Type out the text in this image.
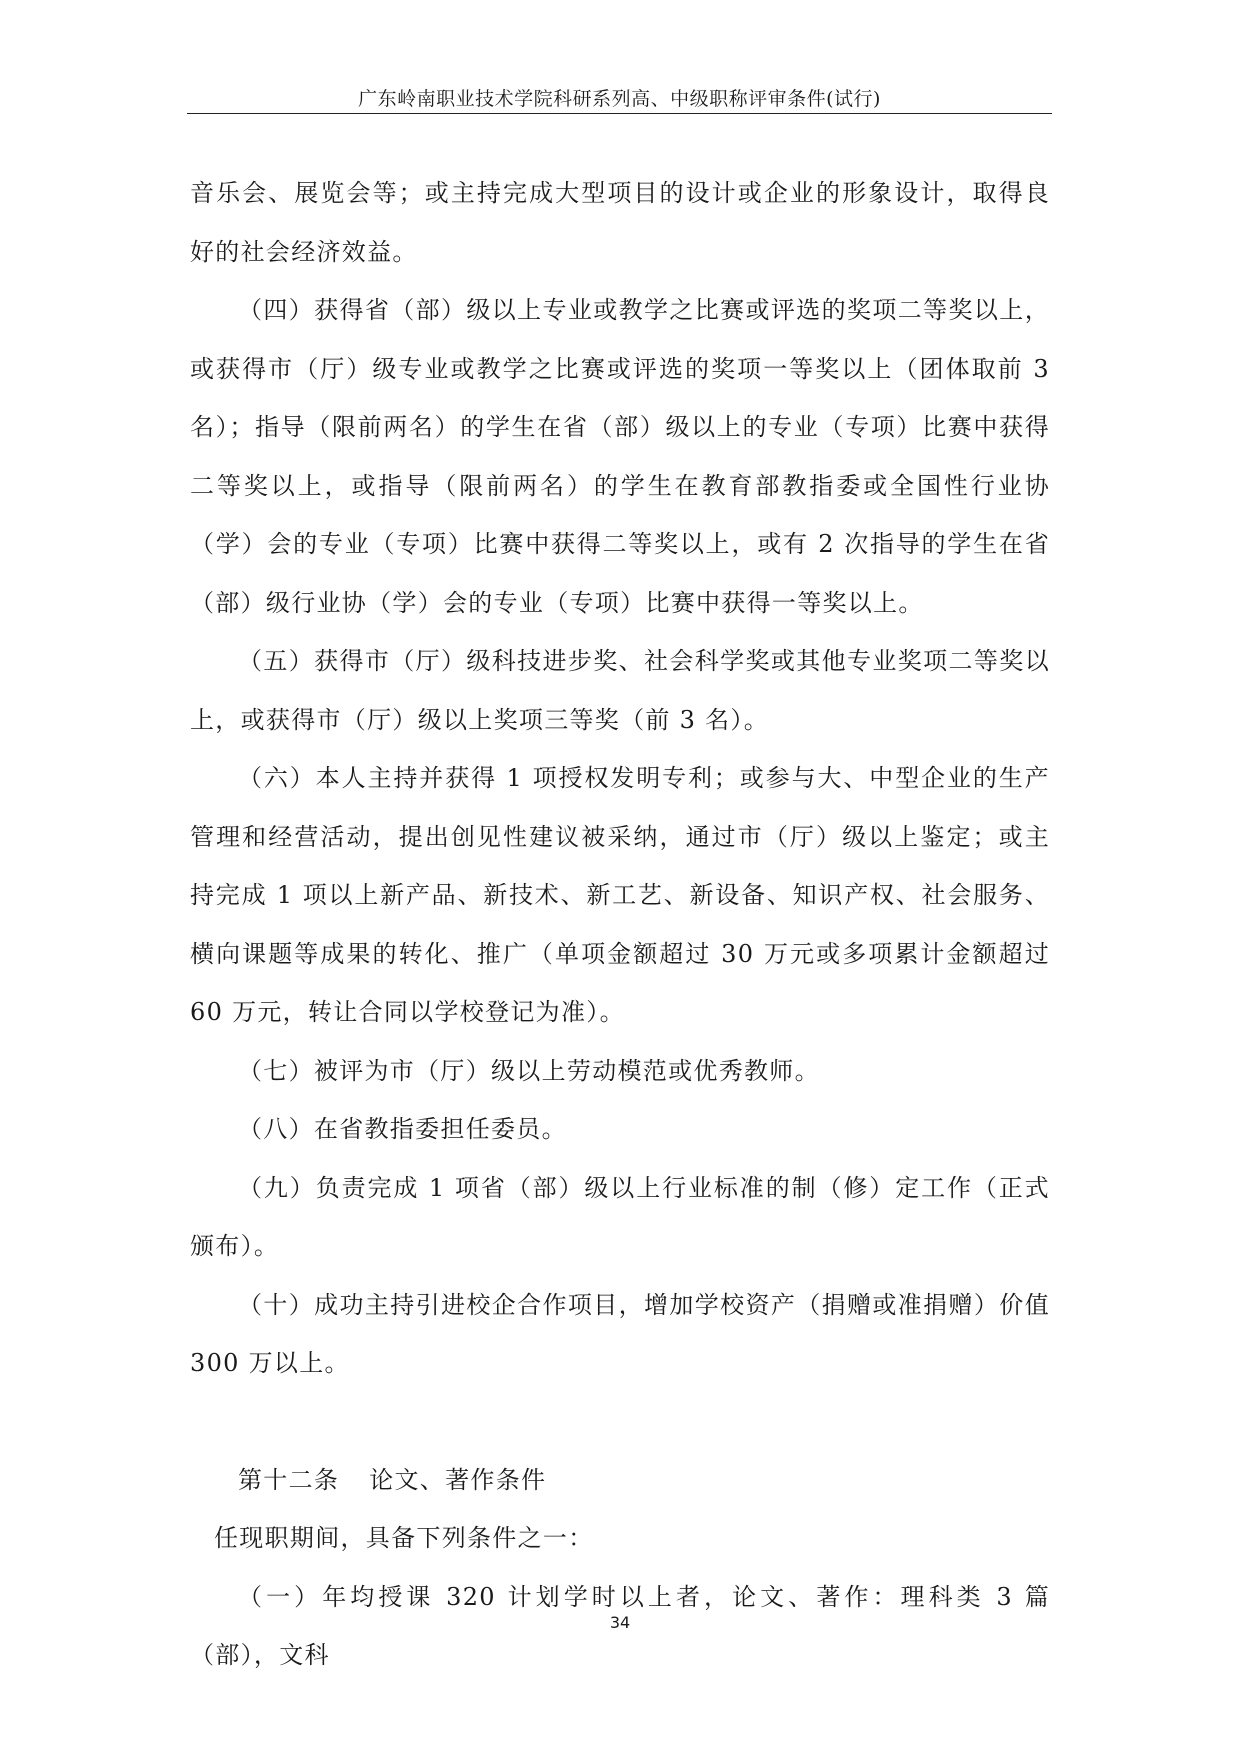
广东岭南职业技术学院科研系列高、中级职称评审条件(试行)

音乐会、展览会等；或主持完成大型项目的设计或企业的形象设计，取得良好的社会经济效益。

（四）获得省（部）级以上专业或教学之比赛或评选的奖项二等奖以上，或获得市（厅）级专业或教学之比赛或评选的奖项一等奖以上（团体取前 3 名）；指导（限前两名）的学生在省（部）级以上的专业（专项）比赛中获得二等奖以上，或指导（限前两名）的学生在教育部教指委或全国性行业协（学）会的专业（专项）比赛中获得二等奖以上，或有 2 次指导的学生在省（部）级行业协（学）会的专业（专项）比赛中获得一等奖以上。

（五）获得市（厅）级科技进步奖、社会科学奖或其他专业奖项二等奖以上，或获得市（厅）级以上奖项三等奖（前 3 名）。

（六）本人主持并获得 1 项授权发明专利；或参与大、中型企业的生产管理和经营活动，提出创见性建议被采纳，通过市（厅）级以上鉴定；或主持完成 1 项以上新产品、新技术、新工艺、新设备、知识产权、社会服务、横向课题等成果的转化、推广（单项金额超过 30 万元或多项累计金额超过 60 万元，转让合同以学校登记为准）。

（七）被评为市（厅）级以上劳动模范或优秀教师。

（八）在省教指委担任委员。

（九）负责完成 1 项省（部）级以上行业标准的制（修）定工作（正式颁布）。

（十）成功主持引进校企合作项目，增加学校资产（捐赠或准捐赠）价值 300 万以上。

第十二条 论文、著作条件

任现职期间，具备下列条件之一：

（一）年均授课 320 计划学时以上者，论文、著作：理科类 3 篇（部），文科

34
